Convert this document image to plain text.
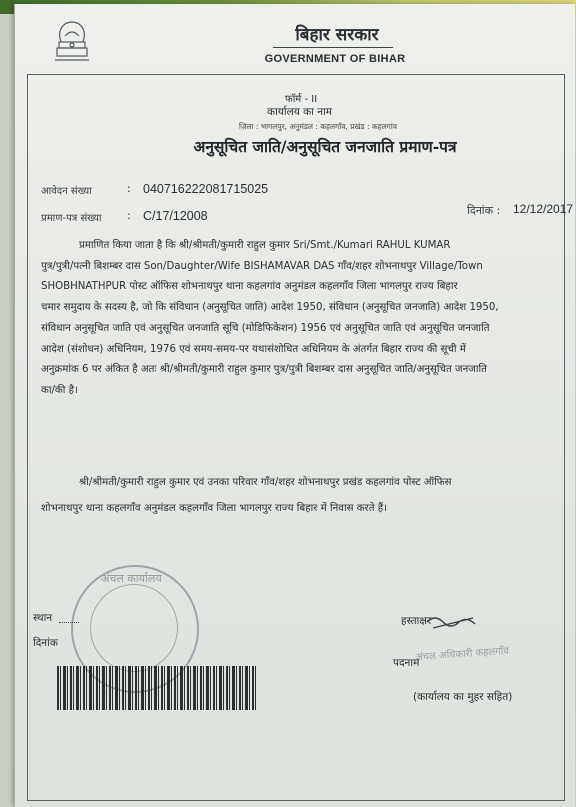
बिहार सरकार
GOVERNMENT OF BIHAR
फॉर्म - II
कार्यालय का नाम
ज़िला : भागलपुर, अनुमंडल : कहलगाँव, प्रखंड : कहलगांव
अनुसूचित जाति/अनुसूचित जनजाति प्रमाण-पत्र
आवेदन संख्या	: 040716222081715025
प्रमाण-पत्र संख्या : C/17/12008	दिनांक : 12/12/2017
प्रमाणित किया जाता है कि श्री/श्रीमती/कुमारी राहुल कुमार Sri/Smt./Kumari RAHUL KUMAR
पुत्र/पुत्री/पत्नी बिशम्बर दास Son/Daughter/Wife BISHAMAVAR DAS गाँव/शहर शोभनाथपुर Village/Town
SHOBHNATHPUR पोस्ट ऑफिस शोभनाथपुर थाना कहलगांव अनुमंडल कहलगाँव जिला भागलपुर राज्य बिहार
चमार समुदाय के सदस्य है, जो कि संविधान (अनुसूचित जाति) आदेश 1950, संविधान (अनुसूचित जनजाति) आदेश 1950,
संविधान अनुसूचित जाति एवं अनुसूचित जनजाति सूचि (मोडिफिकेशन) 1956 एवं अनुसूचित जाति एवं अनुसूचित जनजाति
आदेश (संशोधन) अधिनियम, 1976 एवं समय-समय-पर यथासंशोधित अधिनियम के अंतर्गत बिहार राज्य की सूची में
अनुक्रमांक 6 पर अंकित है अतः श्री/श्रीमती/कुमारी राहुल कुमार पुत्र/पुत्री बिशम्बर दास अनुसूचित जाति/अनुसूचित जनजाति
का/की है।
श्री/श्रीमती/कुमारी राहुल कुमार एवं उनका परिवार गाँव/शहर शोभनाथपुर प्रखंड कहलगांव पोस्ट ऑफिस
शोभनाथपुर थाना कहलगाँव अनुमंडल कहलगाँव जिला भागलपुर राज्य बिहार में निवास करते हैं।
अंचल कार्यालय
स्थान
दिनांक
हस्ताक्षर
अंचल अधिकारी कहलगाँव
पदनाम
(कार्यालय का मुहर सहित)
